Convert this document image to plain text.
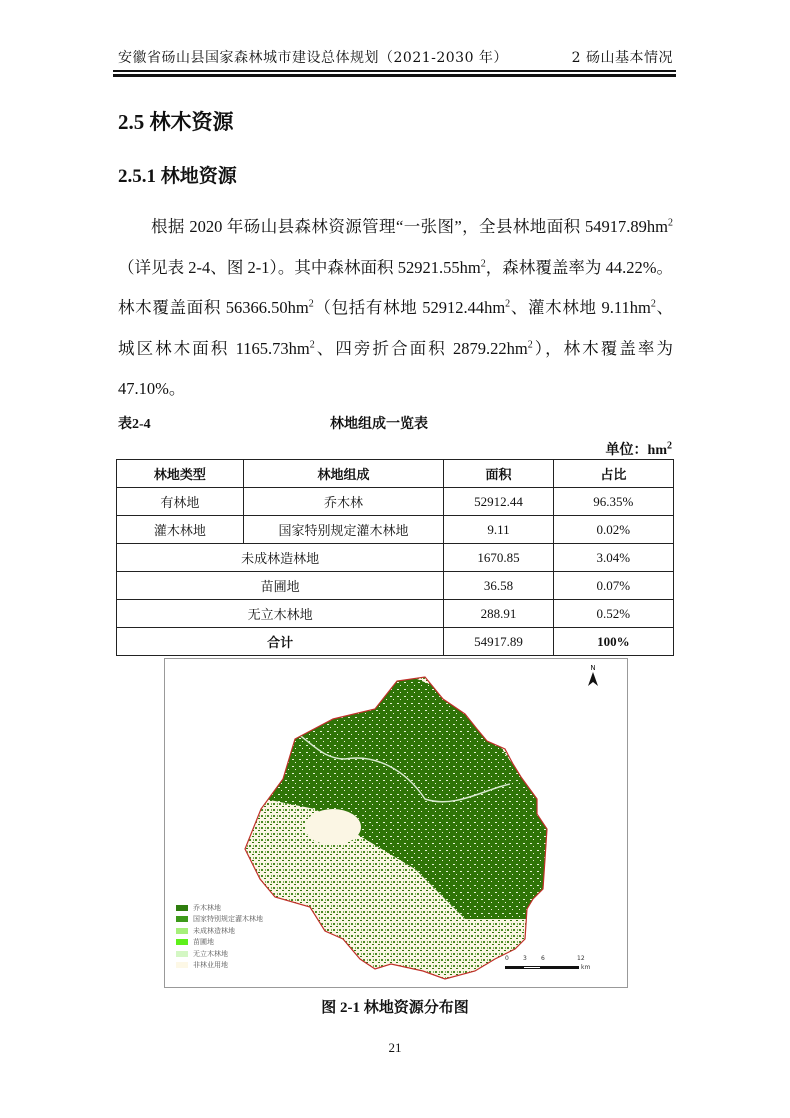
安徽省砀山县国家森林城市建设总体规划（2021-2030 年）	2 砀山基本情况
2.5 林木资源
2.5.1 林地资源

根据 2020 年砀山县森林资源管理“一张图”，全县林地面积 $54917.89hm^2$（详见表 2-4、图 2-1）。其中森林面积 $52921.55hm^2$，森林覆盖率为 44.22%。林木覆盖面积 $56366.50hm^2$（包括有林地 $52912.44hm^2$、灌木林地 $9.11hm^2$、城区林木面积 $1165.73hm^2$、四旁折合面积 $2879.22hm^2$），林木覆盖率为 47.10%。

表2-4	林地组成一览表
单位：$hm^2$
林地类型	林地组成	面积	占比
有林地	乔木林	52912.44	96.35%
灌木林地	国家特别规定灌木林地	9.11	0.02%
未成林造林地		1670.85	3.04%
苗圃地		36.58	0.07%
无立木林地		288.91	0.52%
合计		54917.89	100%
N
乔木林地
国家特别规定灌木林地
未成林造林地
苗圃地
无立木林地
非林业用地
0 3 6	12
km
图 2-1 林地资源分布图
21
